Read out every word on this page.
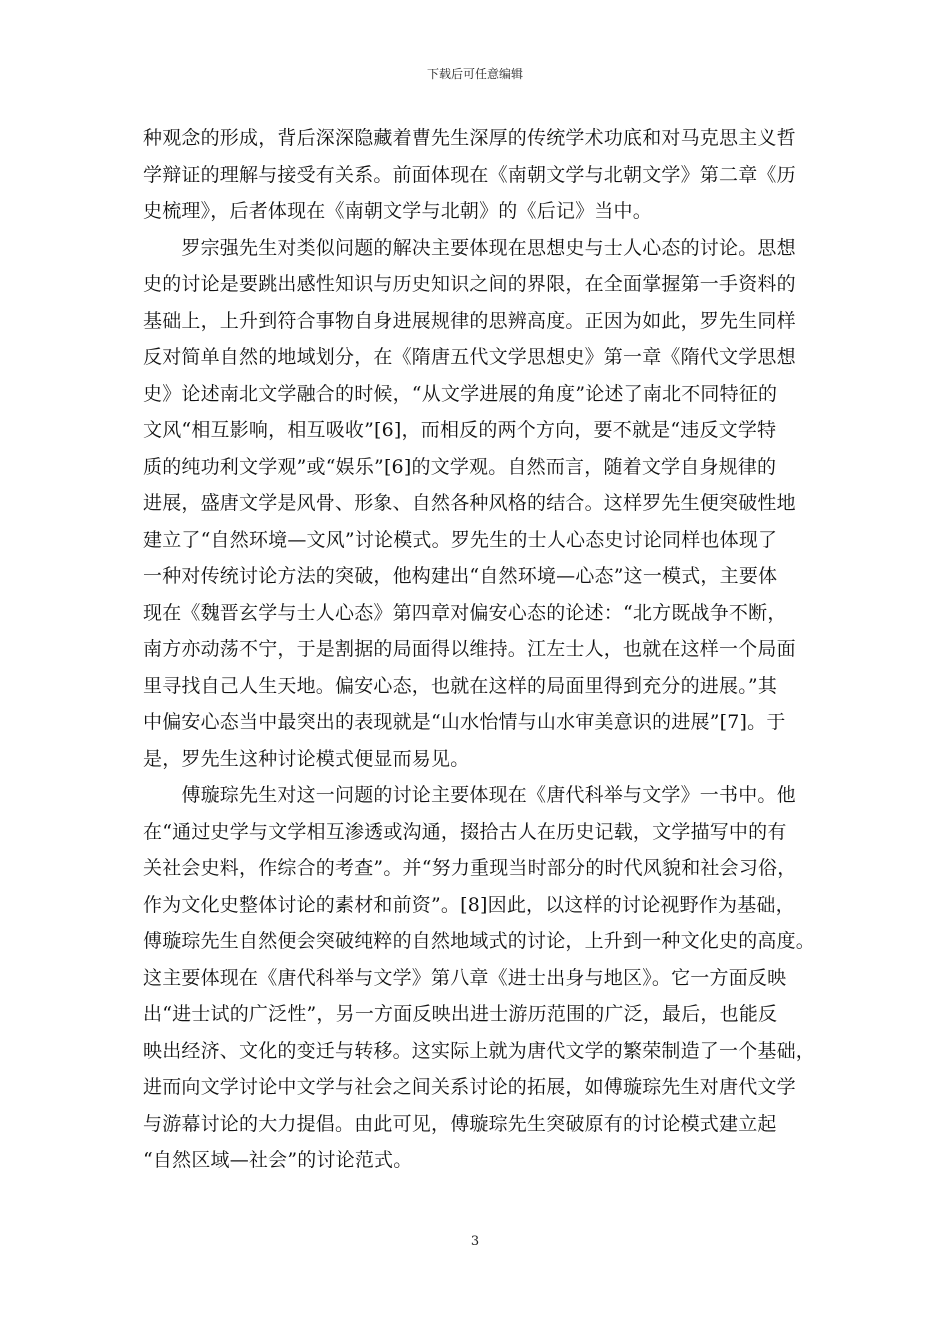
下载后可任意编辑
种观念的形成，背后深深隐藏着曹先生深厚的传统学术功底和对马克思主义哲
学辩证的理解与接受有关系。前面体现在《南朝文学与北朝文学》第二章《历
史梳理》，后者体现在《南朝文学与北朝》的《后记》当中。
　　罗宗强先生对类似问题的解决主要体现在思想史与士人心态的讨论。思想
史的讨论是要跳出感性知识与历史知识之间的界限，在全面掌握第一手资料的
基础上，上升到符合事物自身进展规律的思辨高度。正因为如此，罗先生同样
反对简单自然的地域划分，在《隋唐五代文学思想史》第一章《隋代文学思想
史》论述南北文学融合的时候，“从文学进展的角度”论述了南北不同特征的
文风“相互影响，相互吸收”[6]，而相反的两个方向，要不就是“违反文学特
质的纯功利文学观”或“娱乐”[6]的文学观。自然而言，随着文学自身规律的
进展，盛唐文学是风骨、形象、自然各种风格的结合。这样罗先生便突破性地
建立了“自然环境—文风”讨论模式。罗先生的士人心态史讨论同样也体现了
一种对传统讨论方法的突破，他构建出“自然环境—心态”这一模式，主要体
现在《魏晋玄学与士人心态》第四章对偏安心态的论述：“北方既战争不断，
南方亦动荡不宁，于是割据的局面得以维持。江左士人，也就在这样一个局面
里寻找自己人生天地。偏安心态，也就在这样的局面里得到充分的进展。”其
中偏安心态当中最突出的表现就是“山水怡情与山水审美意识的进展”[7]。于
是，罗先生这种讨论模式便显而易见。
　　傅璇琮先生对这一问题的讨论主要体现在《唐代科举与文学》一书中。他
在“通过史学与文学相互渗透或沟通，掇拾古人在历史记载，文学描写中的有
关社会史料，作综合的考查”。并“努力重现当时部分的时代风貌和社会习俗，
作为文化史整体讨论的素材和前资”。[8]因此，以这样的讨论视野作为基础，
傅璇琮先生自然便会突破纯粹的自然地域式的讨论，上升到一种文化史的高度。
这主要体现在《唐代科举与文学》第八章《进士出身与地区》。它一方面反映
出“进士试的广泛性”，另一方面反映出进士游历范围的广泛，最后，也能反
映出经济、文化的变迁与转移。这实际上就为唐代文学的繁荣制造了一个基础，
进而向文学讨论中文学与社会之间关系讨论的拓展，如傅璇琮先生对唐代文学
与游幕讨论的大力提倡。由此可见，傅璇琮先生突破原有的讨论模式建立起
“自然区域—社会”的讨论范式。
3
